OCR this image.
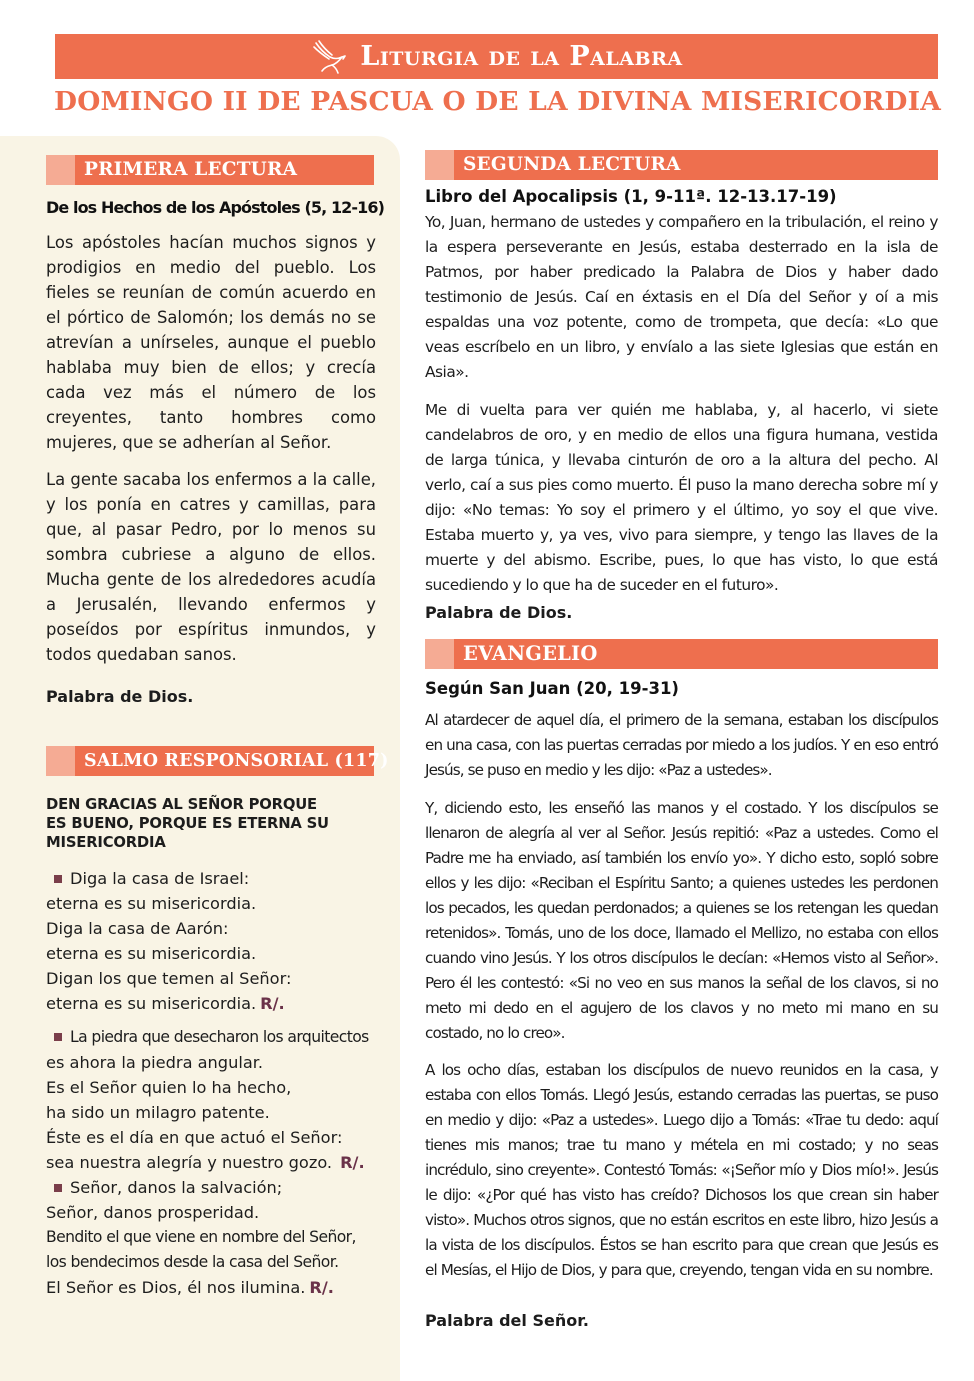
Liturgia de la Palabra
DOMINGO II DE PASCUA O DE LA DIVINA MISERICORDIA
PRIMERA LECTURA
De los Hechos de los Apóstoles (5, 12-16)
Los apóstoles hacían muchos signos y prodigios en medio del pueblo. Los fieles se reunían de común acuerdo en el pórtico de Salomón; los demás no se atrevían a unírseles, aunque el pueblo hablaba muy bien de ellos; y crecía cada vez más el número de los creyentes, tanto hombres como mujeres, que se adherían al Señor.
La gente sacaba los enfermos a la calle, y los ponía en catres y camillas, para que, al pasar Pedro, por lo menos su sombra cubriese a alguno de ellos. Mucha gente de los alrededores acudía a Jerusalén, llevando enfermos y poseídos por espíritus inmundos, y todos quedaban sanos.
Palabra de Dios.
SALMO RESPONSORIAL (117)
DEN GRACIAS AL SEÑOR PORQUE
ES BUENO, PORQUE ES ETERNA SU
MISERICORDIA
Diga la casa de Israel:
eterna es su misericordia.
Diga la casa de Aarón:
eterna es su misericordia.
Digan los que temen al Señor:
eterna es su misericordia. R/.
La piedra que desecharon los arquitectos
es ahora la piedra angular.
Es el Señor quien lo ha hecho,
ha sido un milagro patente.
Éste es el día en que actuó el Señor:
sea nuestra alegría y nuestro gozo. R/.
Señor, danos la salvación;
Señor, danos prosperidad.
Bendito el que viene en nombre del Señor,
los bendecimos desde la casa del Señor.
El Señor es Dios, él nos ilumina. R/.
SEGUNDA LECTURA
Libro del Apocalipsis (1, 9-11ª. 12-13.17-19)
Yo, Juan, hermano de ustedes y compañero en la tribulación, el reino y la espera perseverante en Jesús, estaba desterrado en la isla de Patmos, por haber predicado la Palabra de Dios y haber dado testimonio de Jesús. Caí en éxtasis en el Día del Señor y oí a mis espaldas una voz potente, como de trompeta, que decía: «Lo que veas escríbelo en un libro, y envíalo a las siete Iglesias que están en Asia».
Me di vuelta para ver quién me hablaba, y, al hacerlo, vi siete candelabros de oro, y en medio de ellos una figura humana, vestida de larga túnica, y llevaba cinturón de oro a la altura del pecho. Al verlo, caí a sus pies como muerto. Él puso la mano derecha sobre mí y dijo: «No temas: Yo soy el primero y el último, yo soy el que vive. Estaba muerto y, ya ves, vivo para siempre, y tengo las llaves de la muerte y del abismo. Escribe, pues, lo que has visto, lo que está sucediendo y lo que ha de suceder en el futuro».
Palabra de Dios.
EVANGELIO
Según San Juan (20, 19-31)
Al atardecer de aquel día, el primero de la semana, estaban los discípulos en una casa, con las puertas cerradas por miedo a los judíos. Y en eso entró Jesús, se puso en medio y les dijo: «Paz a ustedes».
Y, diciendo esto, les enseñó las manos y el costado. Y los discípulos se llenaron de alegría al ver al Señor. Jesús repitió: «Paz a ustedes. Como el Padre me ha enviado, así también los envío yo». Y dicho esto, sopló sobre ellos y les dijo: «Reciban el Espíritu Santo; a quienes ustedes les perdonen los pecados, les quedan perdonados; a quienes se los retengan les quedan retenidos». Tomás, uno de los doce, llamado el Mellizo, no estaba con ellos cuando vino Jesús. Y los otros discípulos le decían: «Hemos visto al Señor». Pero él les contestó: «Si no veo en sus manos la señal de los clavos, si no meto mi dedo en el agujero de los clavos y no meto mi mano en su costado, no lo creo».
A los ocho días, estaban los discípulos de nuevo reunidos en la casa, y estaba con ellos Tomás. Llegó Jesús, estando cerradas las puertas, se puso en medio y dijo: «Paz a ustedes». Luego dijo a Tomás: «Trae tu dedo: aquí tienes mis manos; trae tu mano y métela en mi costado; y no seas incrédulo, sino creyente». Contestó Tomás: «¡Señor mío y Dios mío!». Jesús le dijo: «¿Por qué has visto has creído? Dichosos los que crean sin haber visto». Muchos otros signos, que no están escritos en este libro, hizo Jesús a la vista de los discípulos. Éstos se han escrito para que crean que Jesús es el Mesías, el Hijo de Dios, y para que, creyendo, tengan vida en su nombre.
Palabra del Señor.
